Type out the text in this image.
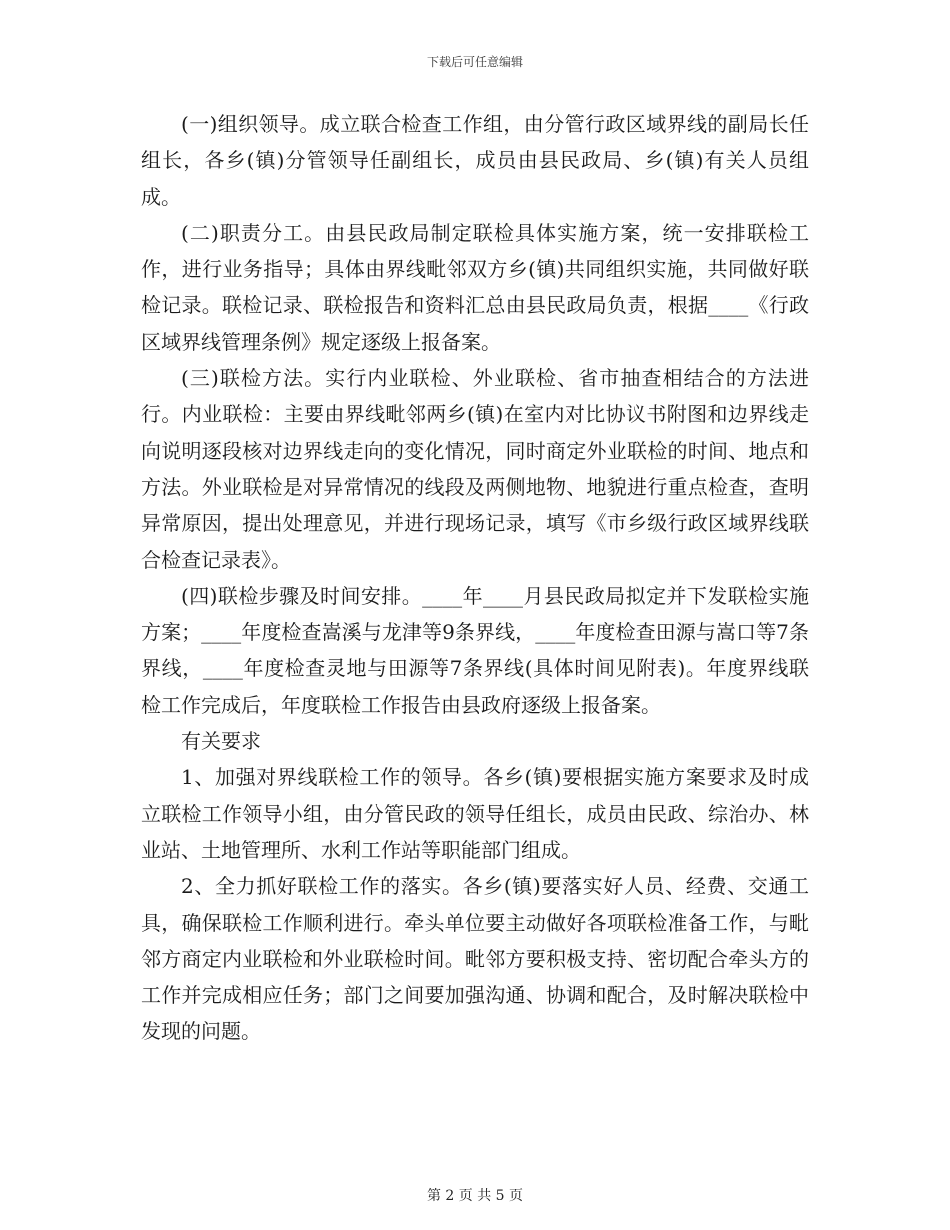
下载后可任意编辑

(一)组织领导。成立联合检查工作组，由分管行政区域界线的副局长任组长，各乡(镇)分管领导任副组长，成员由县民政局、乡(镇)有关人员组成。

(二)职责分工。由县民政局制定联检具体实施方案，统一安排联检工作，进行业务指导；具体由界线毗邻双方乡(镇)共同组织实施，共同做好联检记录。联检记录、联检报告和资料汇总由县民政局负责，根据____《行政区域界线管理条例》规定逐级上报备案。

(三)联检方法。实行内业联检、外业联检、省市抽查相结合的方法进行。内业联检：主要由界线毗邻两乡(镇)在室内对比协议书附图和边界线走向说明逐段核对边界线走向的变化情况，同时商定外业联检的时间、地点和方法。外业联检是对异常情况的线段及两侧地物、地貌进行重点检查，查明异常原因，提出处理意见，并进行现场记录，填写《市乡级行政区域界线联合检查记录表》。

(四)联检步骤及时间安排。____年____月县民政局拟定并下发联检实施方案；____年度检查嵩溪与龙津等9条界线，____年度检查田源与嵩口等7条界线，____年度检查灵地与田源等7条界线(具体时间见附表)。年度界线联检工作完成后，年度联检工作报告由县政府逐级上报备案。

有关要求

1、加强对界线联检工作的领导。各乡(镇)要根据实施方案要求及时成立联检工作领导小组，由分管民政的领导任组长，成员由民政、综治办、林业站、土地管理所、水利工作站等职能部门组成。

2、全力抓好联检工作的落实。各乡(镇)要落实好人员、经费、交通工具，确保联检工作顺利进行。牵头单位要主动做好各项联检准备工作，与毗邻方商定内业联检和外业联检时间。毗邻方要积极支持、密切配合牵头方的工作并完成相应任务；部门之间要加强沟通、协调和配合，及时解决联检中发现的问题。

第 2 页 共 5 页
